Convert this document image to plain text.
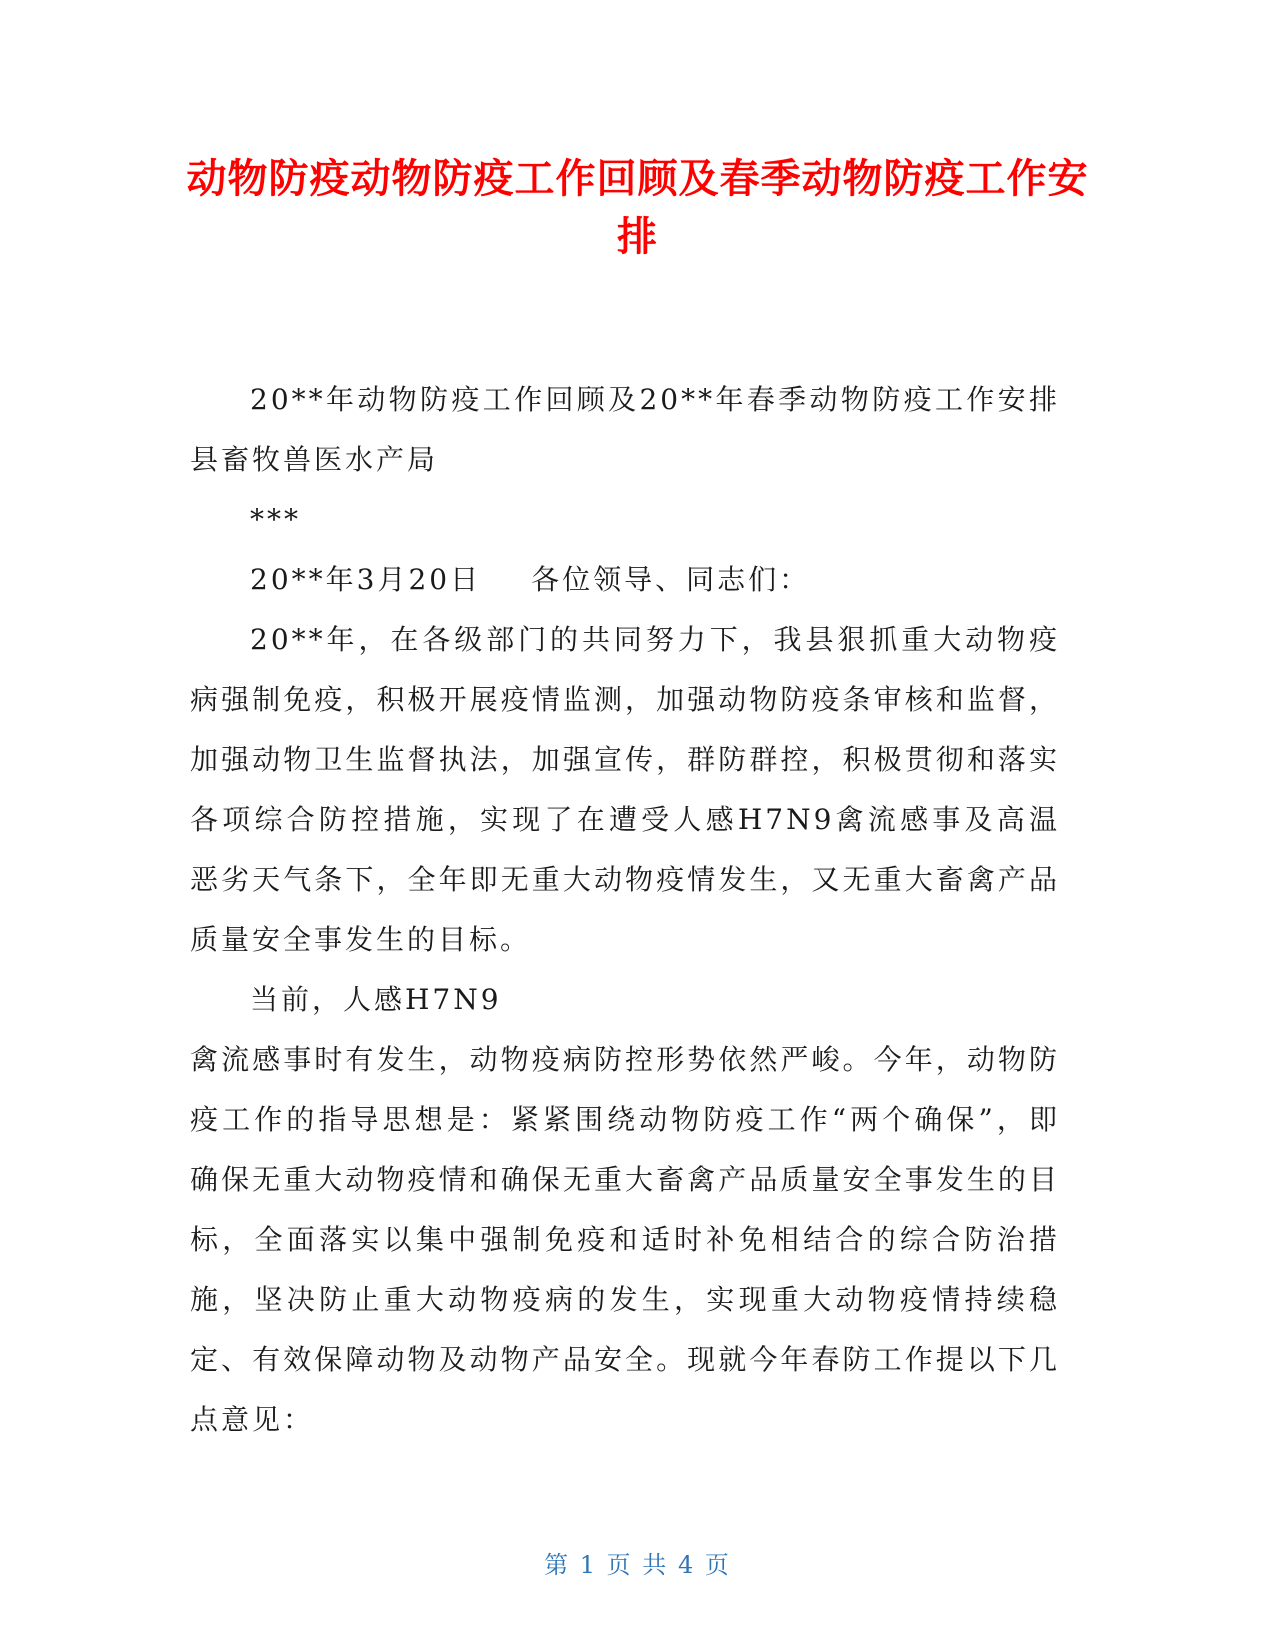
动物防疫动物防疫工作回顾及春季动物防疫工作安排

20**年动物防疫工作回顾及20**年春季动物防疫工作安排县畜牧兽医水产局

***

20**年3月20日 各位领导、同志们：

20**年，在各级部门的共同努力下，我县狠抓重大动物疫病强制免疫，积极开展疫情监测，加强动物防疫条审核和监督，加强动物卫生监督执法，加强宣传，群防群控，积极贯彻和落实各项综合防控措施，实现了在遭受人感H7N9禽流感事及高温恶劣天气条下，全年即无重大动物疫情发生，又无重大畜禽产品质量安全事发生的目标。

当前，人感H7N9

禽流感事时有发生，动物疫病防控形势依然严峻。今年，动物防疫工作的指导思想是：紧紧围绕动物防疫工作“两个确保”，即确保无重大动物疫情和确保无重大畜禽产品质量安全事发生的目标，全面落实以集中强制免疫和适时补免相结合的综合防治措施，坚决防止重大动物疫病的发生，实现重大动物疫情持续稳定、有效保障动物及动物产品安全。现就今年春防工作提以下几点意见：

第 1 页 共 4 页
